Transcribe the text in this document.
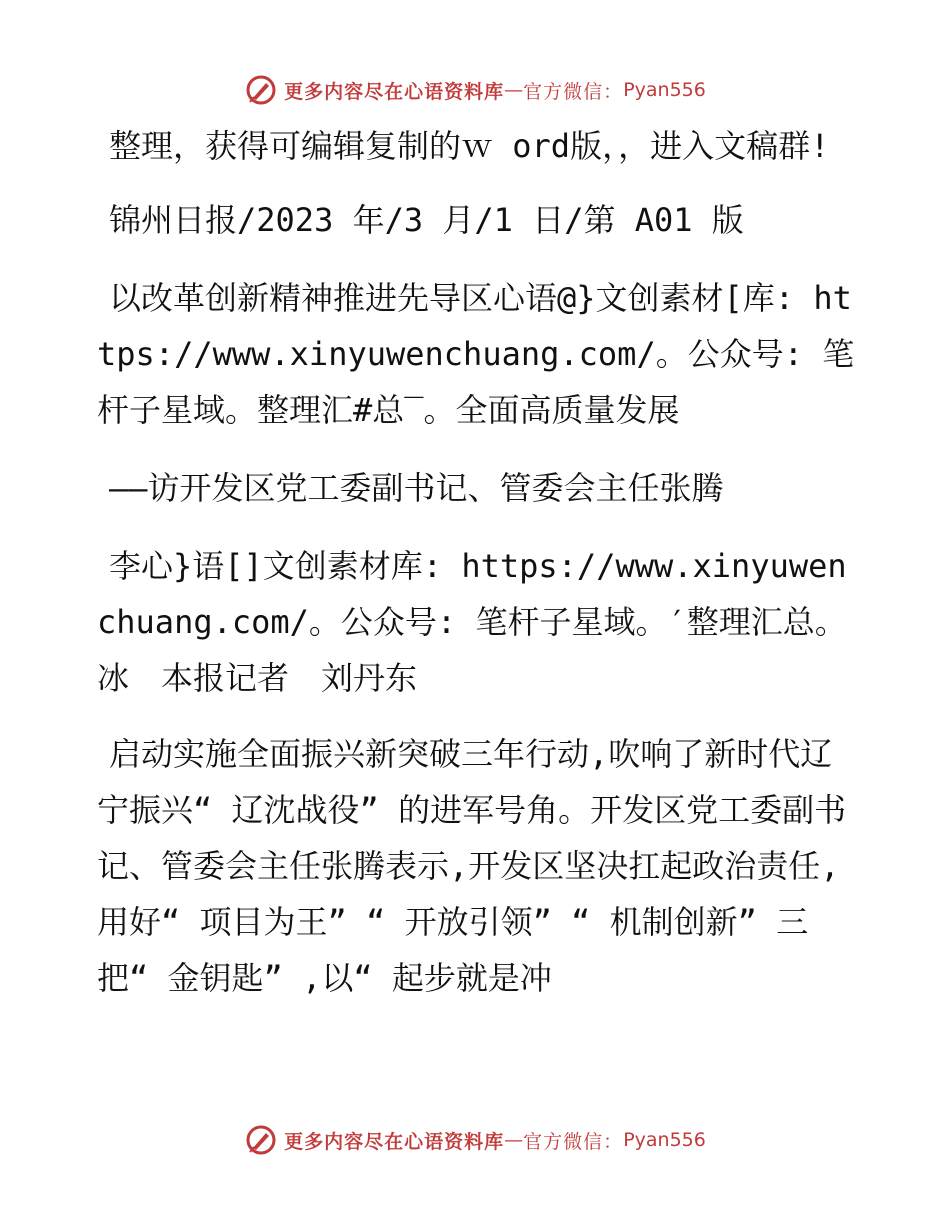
更多内容尽在心语资料库 — 官方微信： Pyan556

整理，获得可编辑复制的ｗ ord版，，进入文稿群!

锦州日报/2023 年/3 月/1 日/第 A01 版

以改革创新精神推进先导区心语@}文创素材[库: https://www.xinyuwenchuang.com/。公众号: 笔杆子星域。整理汇#总‾。全面高质量发展

——访开发区党工委副书记、管委会主任张腾

李心}语[]文创素材库: https://www.xinyuwenchuang.com/。公众号: 笔杆子星域。′整理汇总。冰　本报记者　刘丹东

启动实施全面振兴新突破三年行动,吹响了新时代辽宁振兴“ 辽沈战役” 的进军号角。开发区党工委副书记、管委会主任张腾表示,开发区坚决扛起政治责任,用好“ 项目为王” “ 开放引领” “ 机制创新” 三把“ 金钥匙” ,以“ 起步就是冲

更多内容尽在心语资料库 — 官方微信： Pyan556
